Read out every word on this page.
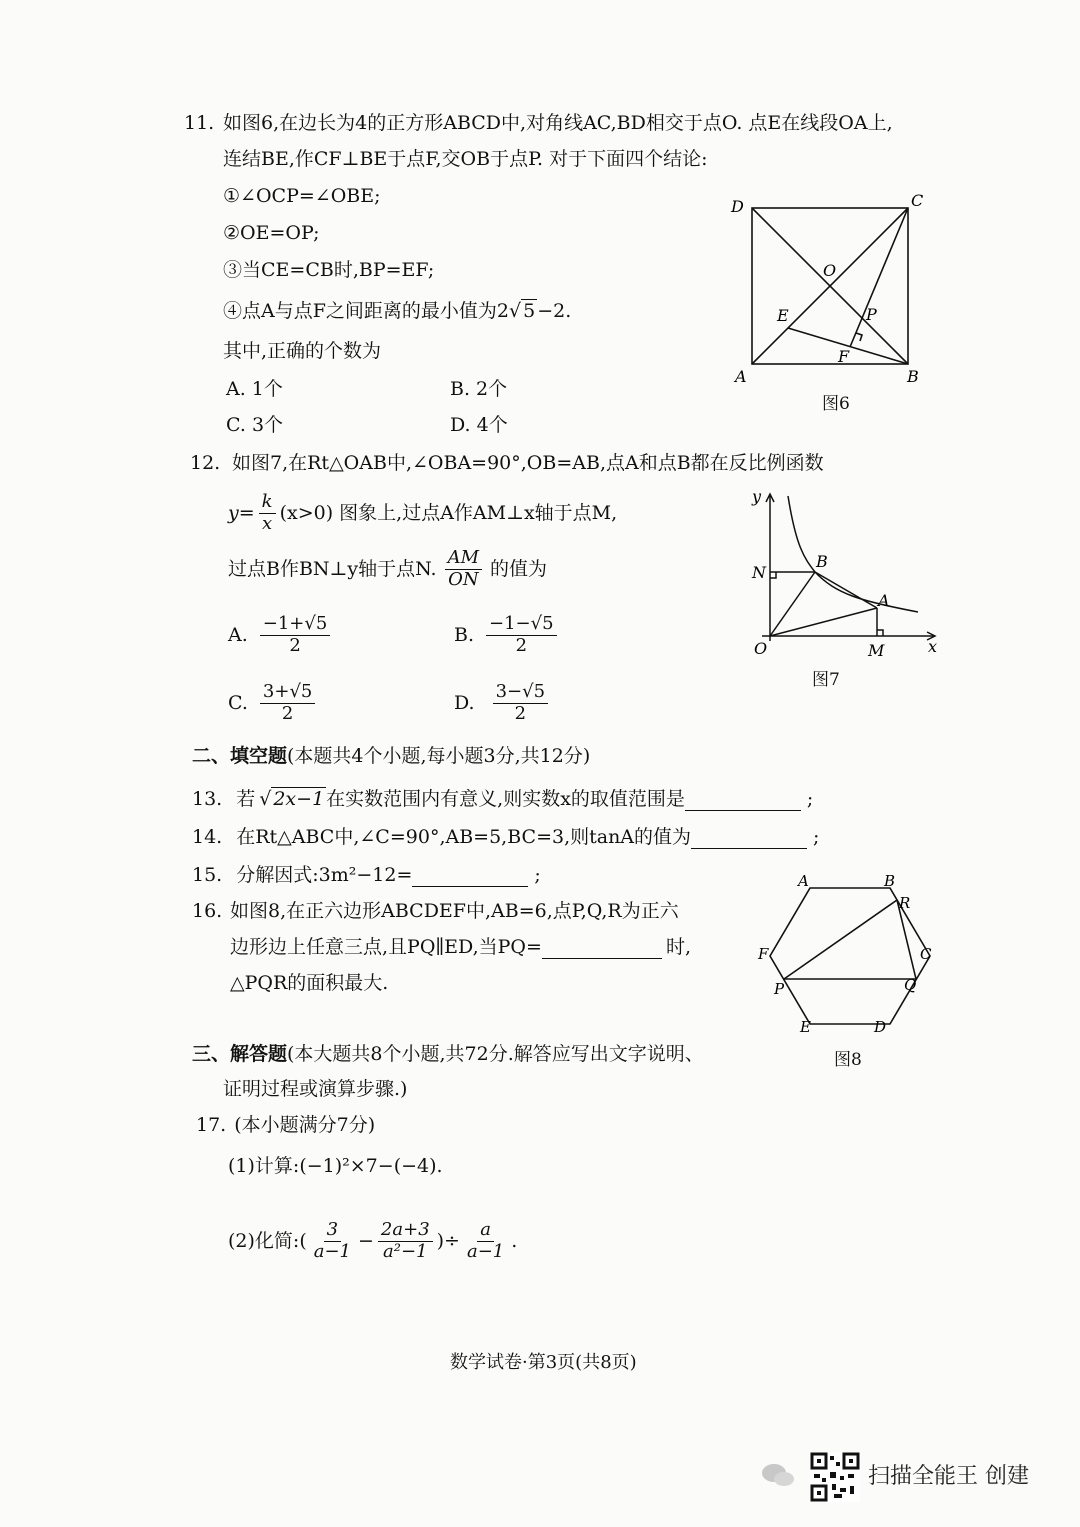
11. 如图6,在边长为4的正方形ABCD中,对角线AC,BD相交于点O. 点E在线段OA上,
连结BE,作CF⊥BE于点F,交OB于点P. 对于下面四个结论:
①∠OCP=∠OBE;
②OE=OP;
③当CE=CB时,BP=EF;
④点A与点F之间距离的最小值为2√ 5 −2.
其中,正确的个数为
A. 1个	B. 2个
C. 3个	D. 4个
D	C
A	B
O
E	P
F
图6
12. 如图7,在Rt△OAB中,∠OBA=90°,OB=AB,点A和点B都在反比例函数
$y= \frac{k}{x} (x>0)$ 图象上,过点A作AM⊥x轴于点M,
过点B作BN⊥y轴于点N. $\frac{AM}{ON}$ 的值为
A. $\frac{-1+√5}{2}$	B. $\frac{-1-√5}{2}$
C. $\frac{3+√5}{2}$	D. $\frac{3-√5}{2}$
y
x
N
B
A
O	M
图7
二、填空题(本题共4个小题,每小题3分,共12分)
13. 若 √ 2x−1 在实数范围内有意义,则实数x的取值范围是	;
14. 在Rt△ABC中,∠C=90°,AB=5,BC=3,则tanA的值为	;
15. 分解因式:3m²−12=	;
16. 如图8,在正六边形ABCDEF中,AB=6,点P,Q,R为正六
边形边上任意三点,且PQ∥ED,当PQ=	时,
△PQR的面积最大.
A	B
R
C
F
P	Q
E	D
图8
三、解答题(本大题共8个小题,共72分.解答应写出文字说明、
证明过程或演算步骤.)
17. (本小题满分7分)
(1)计算:(−1)²×7−(−4).
(2)化简:( $\frac{3}{a-1} - \frac{2a+3}{\text{a²−1}}$ )÷ $\frac{a}{a-1}$ .
数学试卷·第3页(共8页)
扫描全能王 创建
